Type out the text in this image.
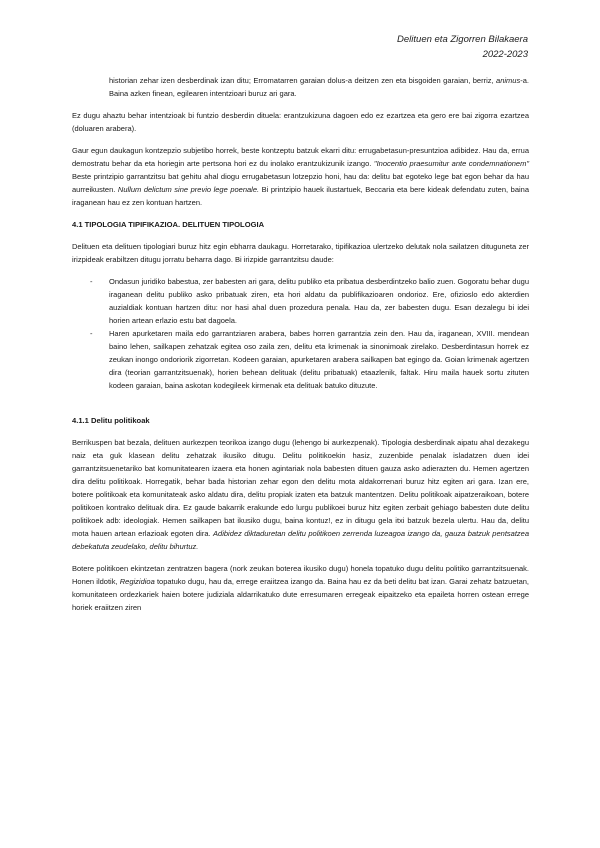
Delituen eta Zigorren Bilakaera
2022-2023

historian zehar izen desberdinak izan ditu; Erromatarren garaian dolus-a deitzen zen eta bisgoiden garaian, berriz, animus-a. Baina azken finean, egilearen intentzioari buruz ari gara.

Ez dugu ahaztu behar intentzioak bi funtzio desberdin dituela: erantzukizuna dagoen edo ez ezartzea eta gero ere bai zigorra ezartzea (doluaren arabera).

Gaur egun daukagun kontzepzio subjetibo horrek, beste kontzeptu batzuk ekarri ditu: errugabetasun-presuntzioa adibidez. Hau da, errua demostratu behar da eta horiegin arte pertsona hori ez du inolako erantzukizunik izango. "Inocentio praesumitur ante condemnationem" Beste printzipio garrantzitsu bat gehitu ahal diogu errugabetasun lotzepzio honi, hau da: delitu bat egoteko lege bat egon behar da hau aurreikusten. Nullum delictum sine previo lege poenale. Bi printzipio hauek ilustartuek, Beccaria eta bere kideak defendatu zuten, baina iraganean hau ez zen kontuan hartzen.

4.1 TIPOLOGIA TIPIFIKAZIOA. DELITUEN TIPOLOGIA

Delituen eta delituen tipologiari buruz hitz egin ebharra daukagu. Horretarako, tipifikazioa ulertzeko delutak nola sailatzen dituguneta zer irizpideak erabiltzen ditugu jorratu beharra dago. Bi irizpide garrantzitsu daude:

- Ondasun juridiko babestua, zer babesten ari gara, delitu publiko eta pribatua desberdintzeko balio zuen. Gogoratu behar dugu iraganean delitu publiko asko pribatuak ziren, eta hori aldatu da publifikazioaren ondorioz. Ere, ofizioslo edo akterdien auzialdiak kontuan hartzen ditu: nor hasi ahal duen prozedura penala. Hau da, zer babesten dugu. Esan dezalegu bi idei horien artean erlazio estu bat dagoela.
- Haren apurketaren maila edo garrantziaren arabera, babes horren garrantzia zein den. Hau da, iraganean, XVIII. mendean baino lehen, sailkapen zehatzak egitea oso zaila zen, delitu eta krimenak ia sinonimoak zirelako. Desberdintasun horrek ez zeukan inongo ondoriorik zigorretan. Kodeen garaian, apurketaren arabera sailkapen bat egingo da. Goian krimenak agertzen dira (teorian garrantzitsuenak), horien behean delituak (delitu pribatuak) etaazlenik, faltak. Hiru maila hauek sortu zituten kodeen garaian, baina askotan kodegileek kirmenak eta delituak batuko dituzute.
4.1.1 Delitu politikoak

Berrikuspen bat bezala, delituen aurkezpen teorikoa izango dugu (lehengo bi aurkezpenak). Tipologia desberdinak aipatu ahal dezakegu naiz eta guk klasean delitu zehatzak ikusiko ditugu. Delitu politikoekin hasiz, zuzenbide penalak isladatzen duen idei garrantzitsuenetariko bat komunitatearen izaera eta honen agintariak nola babesten dituen gauza asko adierazten du. Hemen agertzen dira delitu politikoak. Horregatik, behar bada historian zehar egon den delitu mota aldakorrenari buruz hitz egiten ari gara. Izan ere, botere politikoak eta komunitateak asko aldatu dira, delitu propiak izaten eta batzuk mantentzen. Delitu politikoak aipatzeraikoan, botere politikoen kontrako delituak dira. Ez gaude bakarrik erakunde edo lurgu publikoei buruz hitz egiten zerbait gehiago babesten dute delitu politikoek adb: ideologiak. Hemen sailkapen bat ikusiko dugu, baina kontuz!, ez in ditugu gela itxi batzuk bezela ulertu. Hau da, delitu mota hauen artean erlazioak egoten dira. Adibidez diktaduretan delitu politikoen zerrenda luzeagoa izango da, gauza batzuk pentsatzea debekatuta zeudelako, delitu bihurtuz.

Botere politikoen ekintzetan zentratzen bagera (nork zeukan boterea ikusiko dugu) honela topatuko dugu delitu politiko garrantzitsuenak. Honen ildotik, Regizidioa topatuko dugu, hau da, errege eraiitzea izango da. Baina hau ez da beti delitu bat izan. Garai zehatz batzuetan, komunitateen ordezkariek haien botere judiziala aldarrikatuko dute erresumaren erregeak eipaitzeko eta epaileta horren ostean errege horiek eraiitzen ziren
